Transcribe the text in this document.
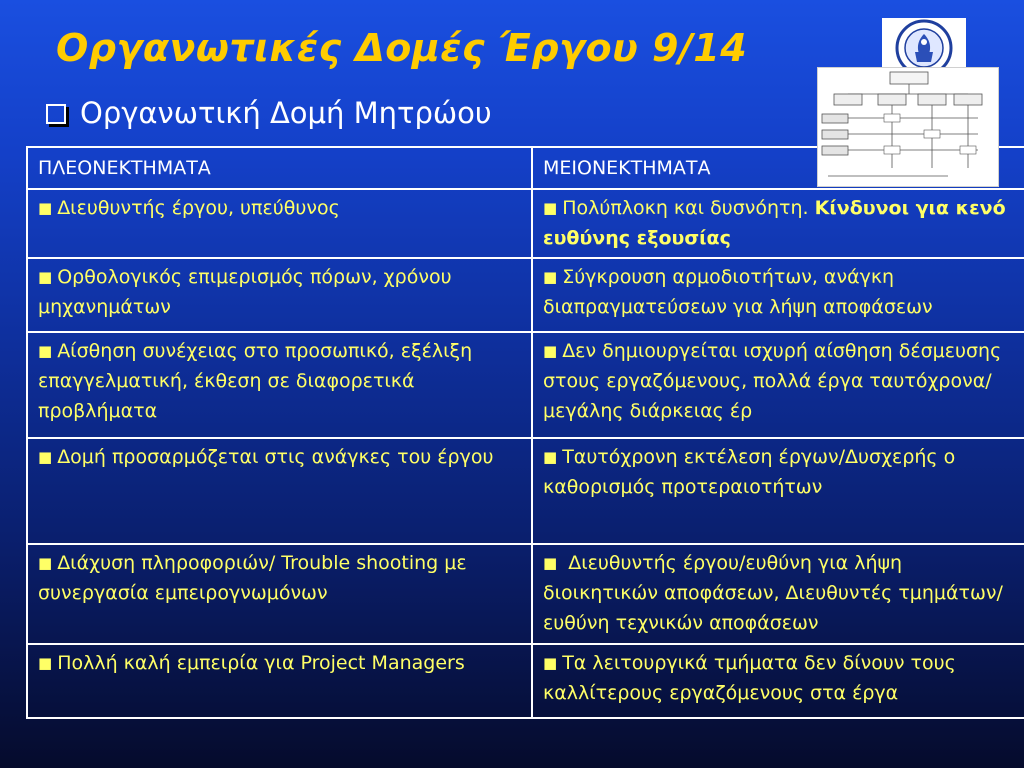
Οργανωτικές Δομές Έργου 9/14
Οργανωτική Δομή Μητρώου
ΠΛΕΟΝΕΚΤΗΜΑΤΑ	ΜΕΙΟΝΕΚΤΗΜΑΤΑ
■ Διευθυντής έργου, υπεύθυνος	■ Πολύπλοκη και δυσνόητη. Κίνδυνοι για κενό ευθύνης εξουσίας
■ Ορθολογικός επιμερισμός πόρων, χρόνου μηχανημάτων	■ Σύγκρουση αρμοδιοτήτων, ανάγκη διαπραγματεύσεων για λήψη αποφάσεων
■ Αίσθηση συνέχειας στο προσωπικό, εξέλιξη επαγγελματική, έκθεση σε διαφορετικά προβλήματα	■ Δεν δημιουργείται ισχυρή αίσθηση δέσμευσης στους εργαζόμενους, πολλά έργα ταυτόχρονα/μεγάλης διάρκειας έρ
■ Δομή προσαρμόζεται στις ανάγκες του έργου	■ Ταυτόχρονη εκτέλεση έργων/Δυσχερής ο καθορισμός προτεραιοτήτων
■ Διάχυση πληροφοριών/ Trouble shooting με συνεργασία εμπειρογνωμόνων	■ Διευθυντής έργου/ευθύνη για λήψη διοικητικών αποφάσεων, Διευθυντές τμημάτων/ευθύνη τεχνικών αποφάσεων
■ Πολλή καλή εμπειρία για Project Managers	■ Τα λειτουργικά τμήματα δεν δίνουν τους καλλίτερους εργαζόμενους στα έργα
